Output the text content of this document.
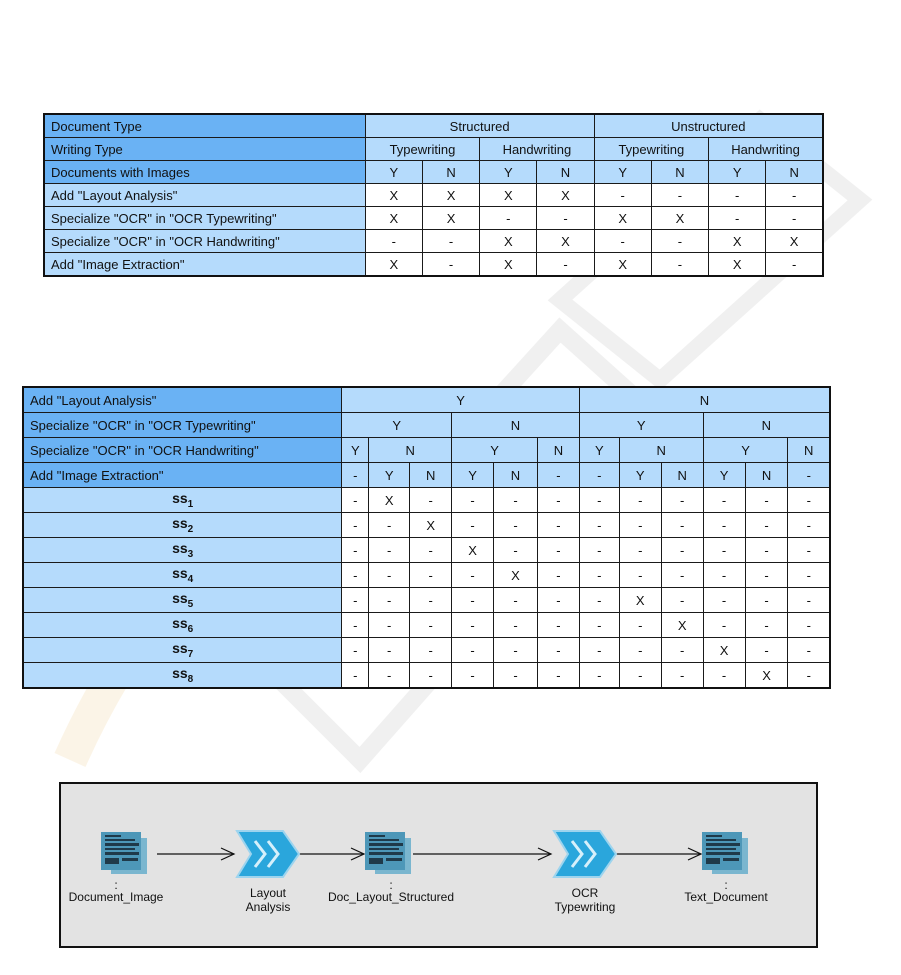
Document Type	Structured				Unstructured			
Writing Type	Typewriting		Handwriting		Typewriting		Handwriting	
Documents with Images	Y	N	Y	N	Y	N	Y	N
Add "Layout Analysis"	X	X	X	X	-	-	-	-
Specialize "OCR" in "OCR Typewriting"	X	X	-	-	X	X	-	-
Specialize "OCR" in "OCR Handwriting"	-	-	X	X	-	-	X	X
Add "Image Extraction"	X	-	X	-	X	-	X	-
Add "Layout Analysis"	Y						N					
Specialize "OCR" in "OCR Typewriting"	Y			N			Y			N		
Specialize "OCR" in "OCR Handwriting"	Y	N		Y		N	Y	N		Y		N
Add "Image Extraction"	-	Y	N	Y	N	-	-	Y	N	Y	N	-
$ss_1$	-	X	-	-	-	-	-	-	-	-	-	-
$ss_2$	-	-	X	-	-	-	-	-	-	-	-	-
$ss_3$	-	-	-	X	-	-	-	-	-	-	-	-
$ss_4$	-	-	-	-	X	-	-	-	-	-	-	-
$ss_5$	-	-	-	-	-	-	-	X	-	-	-	-
$ss_6$	-	-	-	-	-	-	-	-	X	-	-	-
$ss_7$	-	-	-	-	-	-	-	-	-	X	-	-
$ss_8$	-	-	-	-	-	-	-	-	-	-	X	-
:
Document_Image	Layout
Analysis
:
Doc_Layout_Structured	OCR
Typewriting
:
Text_Document
